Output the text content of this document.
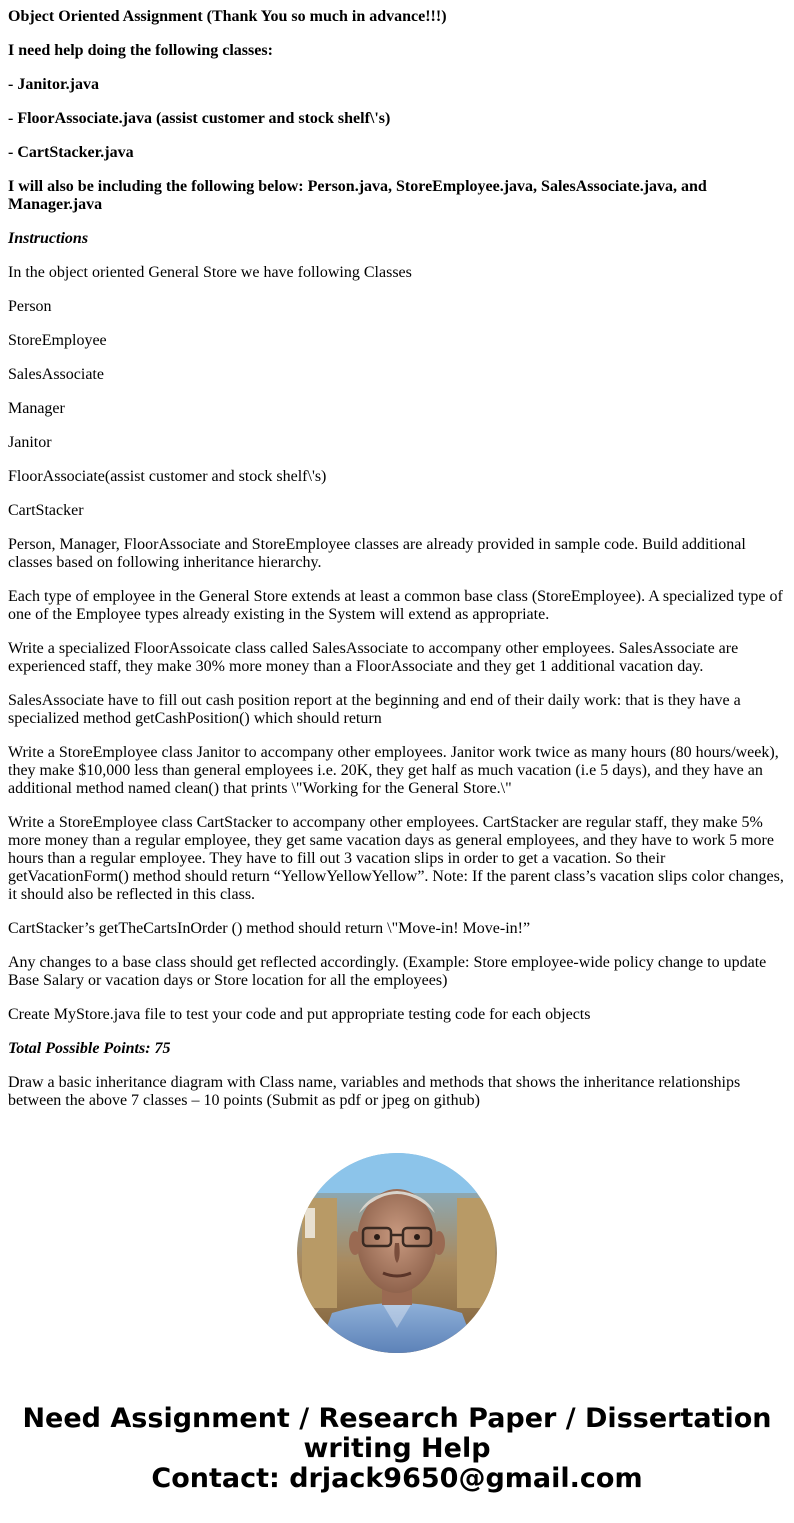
Object Oriented Assignment (Thank You so much in advance!!!)

I need help doing the following classes:

- Janitor.java

- FloorAssociate.java (assist customer and stock shelf\'s)

- CartStacker.java

I will also be including the following below: Person.java, StoreEmployee.java, SalesAssociate.java, and Manager.java

Instructions

In the object oriented General Store we have following Classes

Person

StoreEmployee

SalesAssociate

Manager

Janitor

FloorAssociate(assist customer and stock shelf\'s)

CartStacker

Person, Manager, FloorAssociate and StoreEmployee classes are already provided in sample code. Build additional classes based on following inheritance hierarchy.

Each type of employee in the General Store extends at least a common base class (StoreEmployee). A specialized type of one of the Employee types already existing in the System will extend as appropriate.

Write a specialized FloorAssoicate class called SalesAssociate to accompany other employees. SalesAssociate are experienced staff, they make 30% more money than a FloorAssociate and they get 1 additional vacation day.

SalesAssociate have to fill out cash position report at the beginning and end of their daily work: that is they have a specialized method getCashPosition() which should return

Write a StoreEmployee class Janitor to accompany other employees. Janitor work twice as many hours (80 hours/week), they make $10,000 less than general employees i.e. 20K, they get half as much vacation (i.e 5 days), and they have an additional method named clean() that prints \"Working for the General Store.\"

Write a StoreEmployee class CartStacker to accompany other employees. CartStacker are regular staff, they make 5% more money than a regular employee, they get same vacation days as general employees, and they have to work 5 more hours than a regular employee. They have to fill out 3 vacation slips in order to get a vacation. So their getVacationForm() method should return “YellowYellowYellow”. Note: If the parent class’s vacation slips color changes, it should also be reflected in this class.

CartStacker’s getTheCartsInOrder () method should return \"Move-in! Move-in!”

Any changes to a base class should get reflected accordingly. (Example: Store employee-wide policy change to update Base Salary or vacation days or Store location for all the employees)

Create MyStore.java file to test your code and put appropriate testing code for each objects

Total Possible Points: 75

Draw a basic inheritance diagram with Class name, variables and methods that shows the inheritance relationships between the above 7 classes – 10 points (Submit as pdf or jpeg on github)

Need Assignment / Research Paper / Dissertation
writing Help
Contact: drjack9650@gmail.com
